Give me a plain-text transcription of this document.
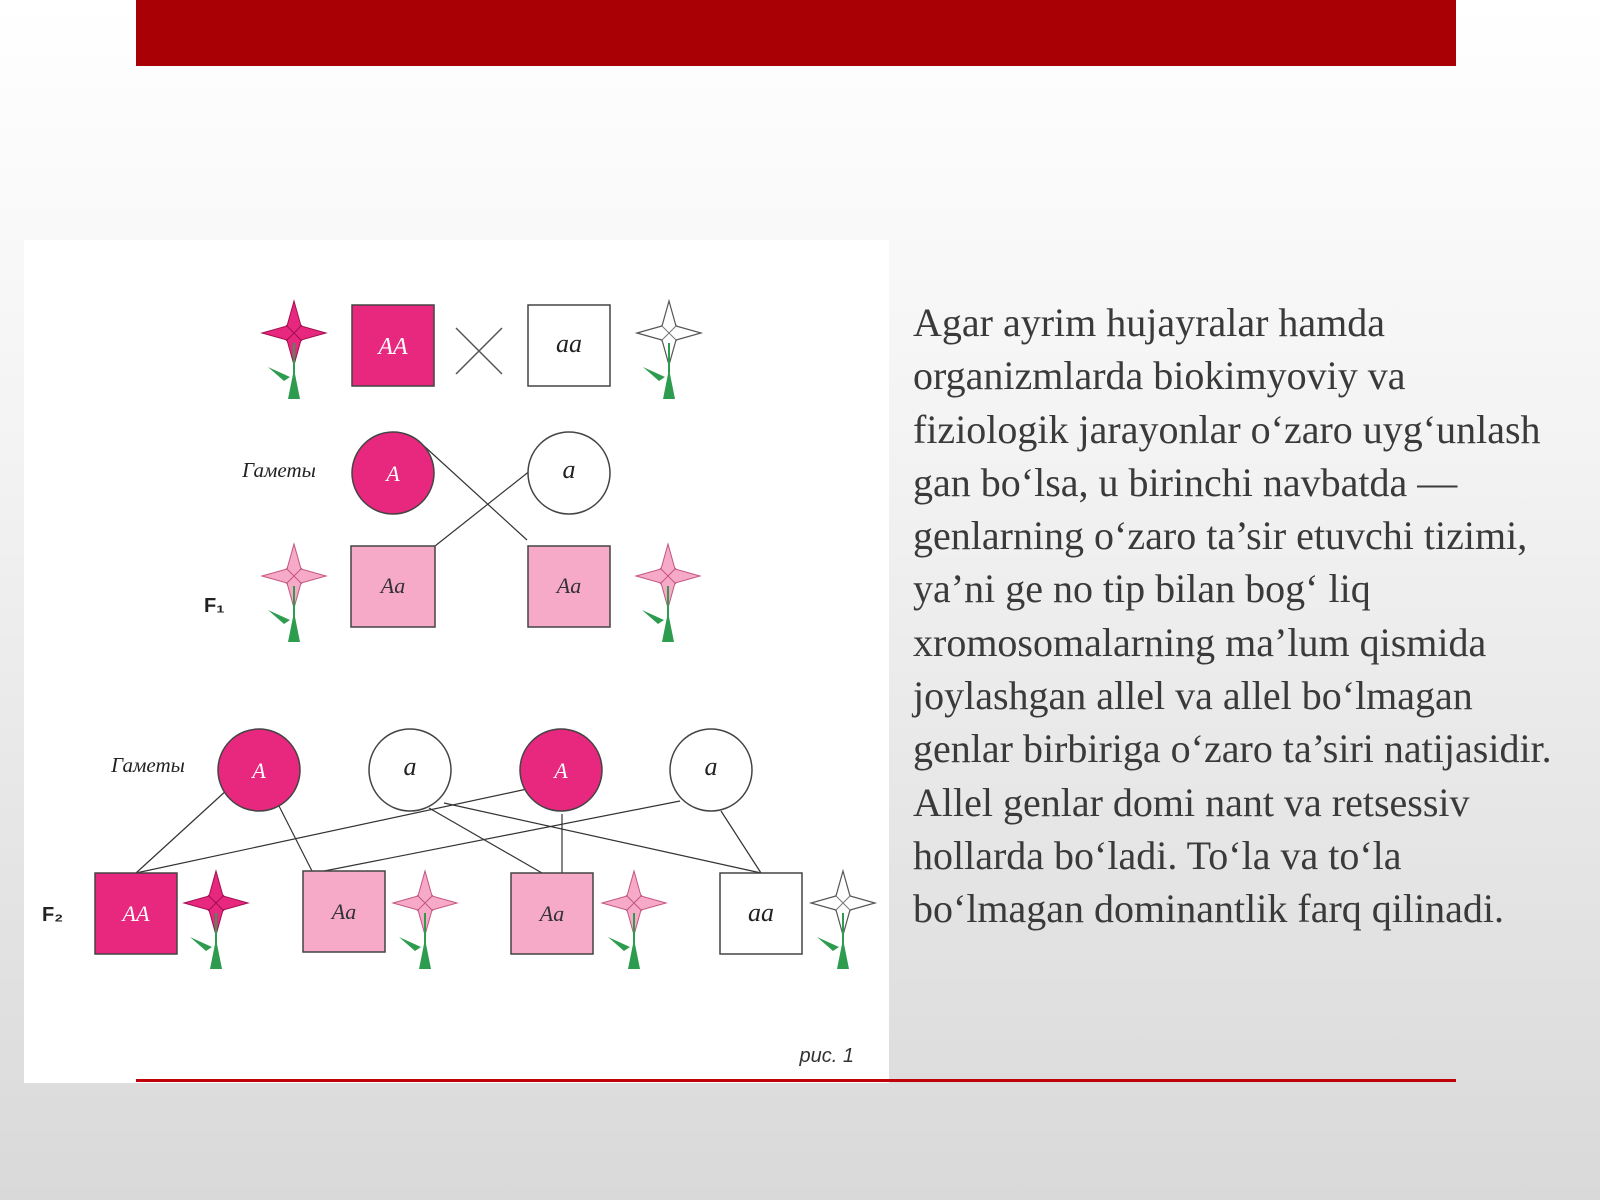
AA	aa
Гаметы	A	a
F₁
Aa	Aa
Гаметы	A	a	A	a
F₂	AA	Aa	Aa	aa
рис. 1

Agar ayrim hujayralar hamda organizmlarda biokimyoviy va fiziologik jarayonlar o‘zaro uyg‘unlash gan bo‘lsa, u birinchi navbatda — genlarning o‘zaro ta’sir etuvchi tizimi, ya’ni ge no tip bilan bog‘ liq xromosomalarning ma’lum qismida joylashgan allel va allel bo‘lmagan genlar birbiriga o‘zaro ta’siri natijasidir. Allel genlar domi nant va retsessiv hollarda bo‘ladi. To‘la va to‘la bo‘lmagan dominantlik farq qilinadi.
